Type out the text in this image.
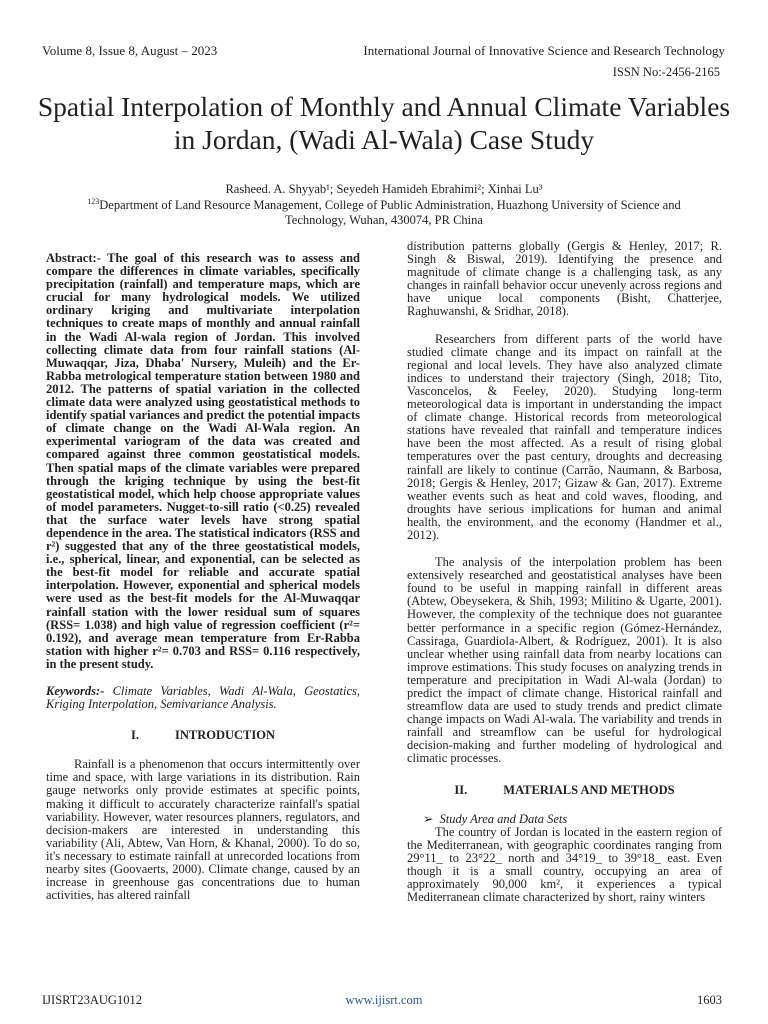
Volume 8, Issue 8, August – 2023	International Journal of Innovative Science and Research Technology
ISSN No:-2456-2165
Spatial Interpolation of Monthly and Annual Climate Variables in Jordan, (Wadi Al-Wala) Case Study
Rasheed. A. Shyyab¹; Seyedeh Hamideh Ebrahimi²; Xinhai Lu³
$^{123}$Department of Land Resource Management, College of Public Administration, Huazhong University of Science and Technology, Wuhan, 430074, PR China

Abstract:- The goal of this research was to assess and compare the differences in climate variables, specifically precipitation (rainfall) and temperature maps, which are crucial for many hydrological models. We utilized ordinary kriging and multivariate interpolation techniques to create maps of monthly and annual rainfall in the Wadi Al-wala region of Jordan. This involved collecting climate data from four rainfall stations (Al-Muwaqqar, Jiza, Dhaba' Nursery, Muleih) and the Er-Rabba metrological temperature station between 1980 and 2012. The patterns of spatial variation in the collected climate data were analyzed using geostatistical methods to identify spatial variances and predict the potential impacts of climate change on the Wadi Al-Wala region. An experimental variogram of the data was created and compared against three common geostatistical models. Then spatial maps of the climate variables were prepared through the kriging technique by using the best-fit geostatistical model, which help choose appropriate values of model parameters. Nugget-to-sill ratio (<0.25) revealed that the surface water levels have strong spatial dependence in the area. The statistical indicators (RSS and r²) suggested that any of the three geostatistical models, i.e., spherical, linear, and exponential, can be selected as the best-fit model for reliable and accurate spatial interpolation. However, exponential and spherical models were used as the best-fit models for the Al-Muwaqqar rainfall station with the lower residual sum of squares (RSS= 1.038) and high value of regression coefficient (r²= 0.192), and average mean temperature from Er-Rabba station with higher r²= 0.703 and RSS= 0.116 respectively, in the present study.

Keywords:- Climate Variables, Wadi Al-Wala, Geostatics, Kriging Interpolation, Semivariance Analysis.

I.	INTRODUCTION

Rainfall is a phenomenon that occurs intermittently over time and space, with large variations in its distribution. Rain gauge networks only provide estimates at specific points, making it difficult to accurately characterize rainfall's spatial variability. However, water resources planners, regulators, and decision-makers are interested in understanding this variability (Ali, Abtew, Van Horn, & Khanal, 2000). To do so, it's necessary to estimate rainfall at unrecorded locations from nearby sites (Goovaerts, 2000). Climate change, caused by an increase in greenhouse gas concentrations due to human activities, has altered rainfall

distribution patterns globally (Gergis & Henley, 2017; R. Singh & Biswal, 2019). Identifying the presence and magnitude of climate change is a challenging task, as any changes in rainfall behavior occur unevenly across regions and have unique local components (Bisht, Chatterjee, Raghuwanshi, & Sridhar, 2018).

Researchers from different parts of the world have studied climate change and its impact on rainfall at the regional and local levels. They have also analyzed climate indices to understand their trajectory (Singh, 2018; Tito, Vasconcelos, & Feeley, 2020). Studying long-term meteorological data is important in understanding the impact of climate change. Historical records from meteorological stations have revealed that rainfall and temperature indices have been the most affected. As a result of rising global temperatures over the past century, droughts and decreasing rainfall are likely to continue (Carrão, Naumann, & Barbosa, 2018; Gergis & Henley, 2017; Gizaw & Gan, 2017). Extreme weather events such as heat and cold waves, flooding, and droughts have serious implications for human and animal health, the environment, and the economy (Handmer et al., 2012).

The analysis of the interpolation problem has been extensively researched and geostatistical analyses have been found to be useful in mapping rainfall in different areas (Abtew, Obeysekera, & Shih, 1993; Militino & Ugarte, 2001). However, the complexity of the technique does not guarantee better performance in a specific region (Gómez-Hernández, Cassiraga, Guardiola-Albert, & Rodríguez, 2001). It is also unclear whether using rainfall data from nearby locations can improve estimations. This study focuses on analyzing trends in temperature and precipitation in Wadi Al-wala (Jordan) to predict the impact of climate change. Historical rainfall and streamflow data are used to study trends and predict climate change impacts on Wadi Al-wala. The variability and trends in rainfall and streamflow can be useful for hydrological decision-making and further modeling of hydrological and climatic processes.

II.	MATERIALS AND METHODS

➢ Study Area and Data Sets

The country of Jordan is located in the eastern region of the Mediterranean, with geographic coordinates ranging from 29°11_ to 23°22_ north and 34°19_ to 39°18_ east. Even though it is a small country, occupying an area of approximately 90,000 km², it experiences a typical Mediterranean climate characterized by short, rainy winters

IJISRT23AUG1012	www.ijisrt.com	1603
